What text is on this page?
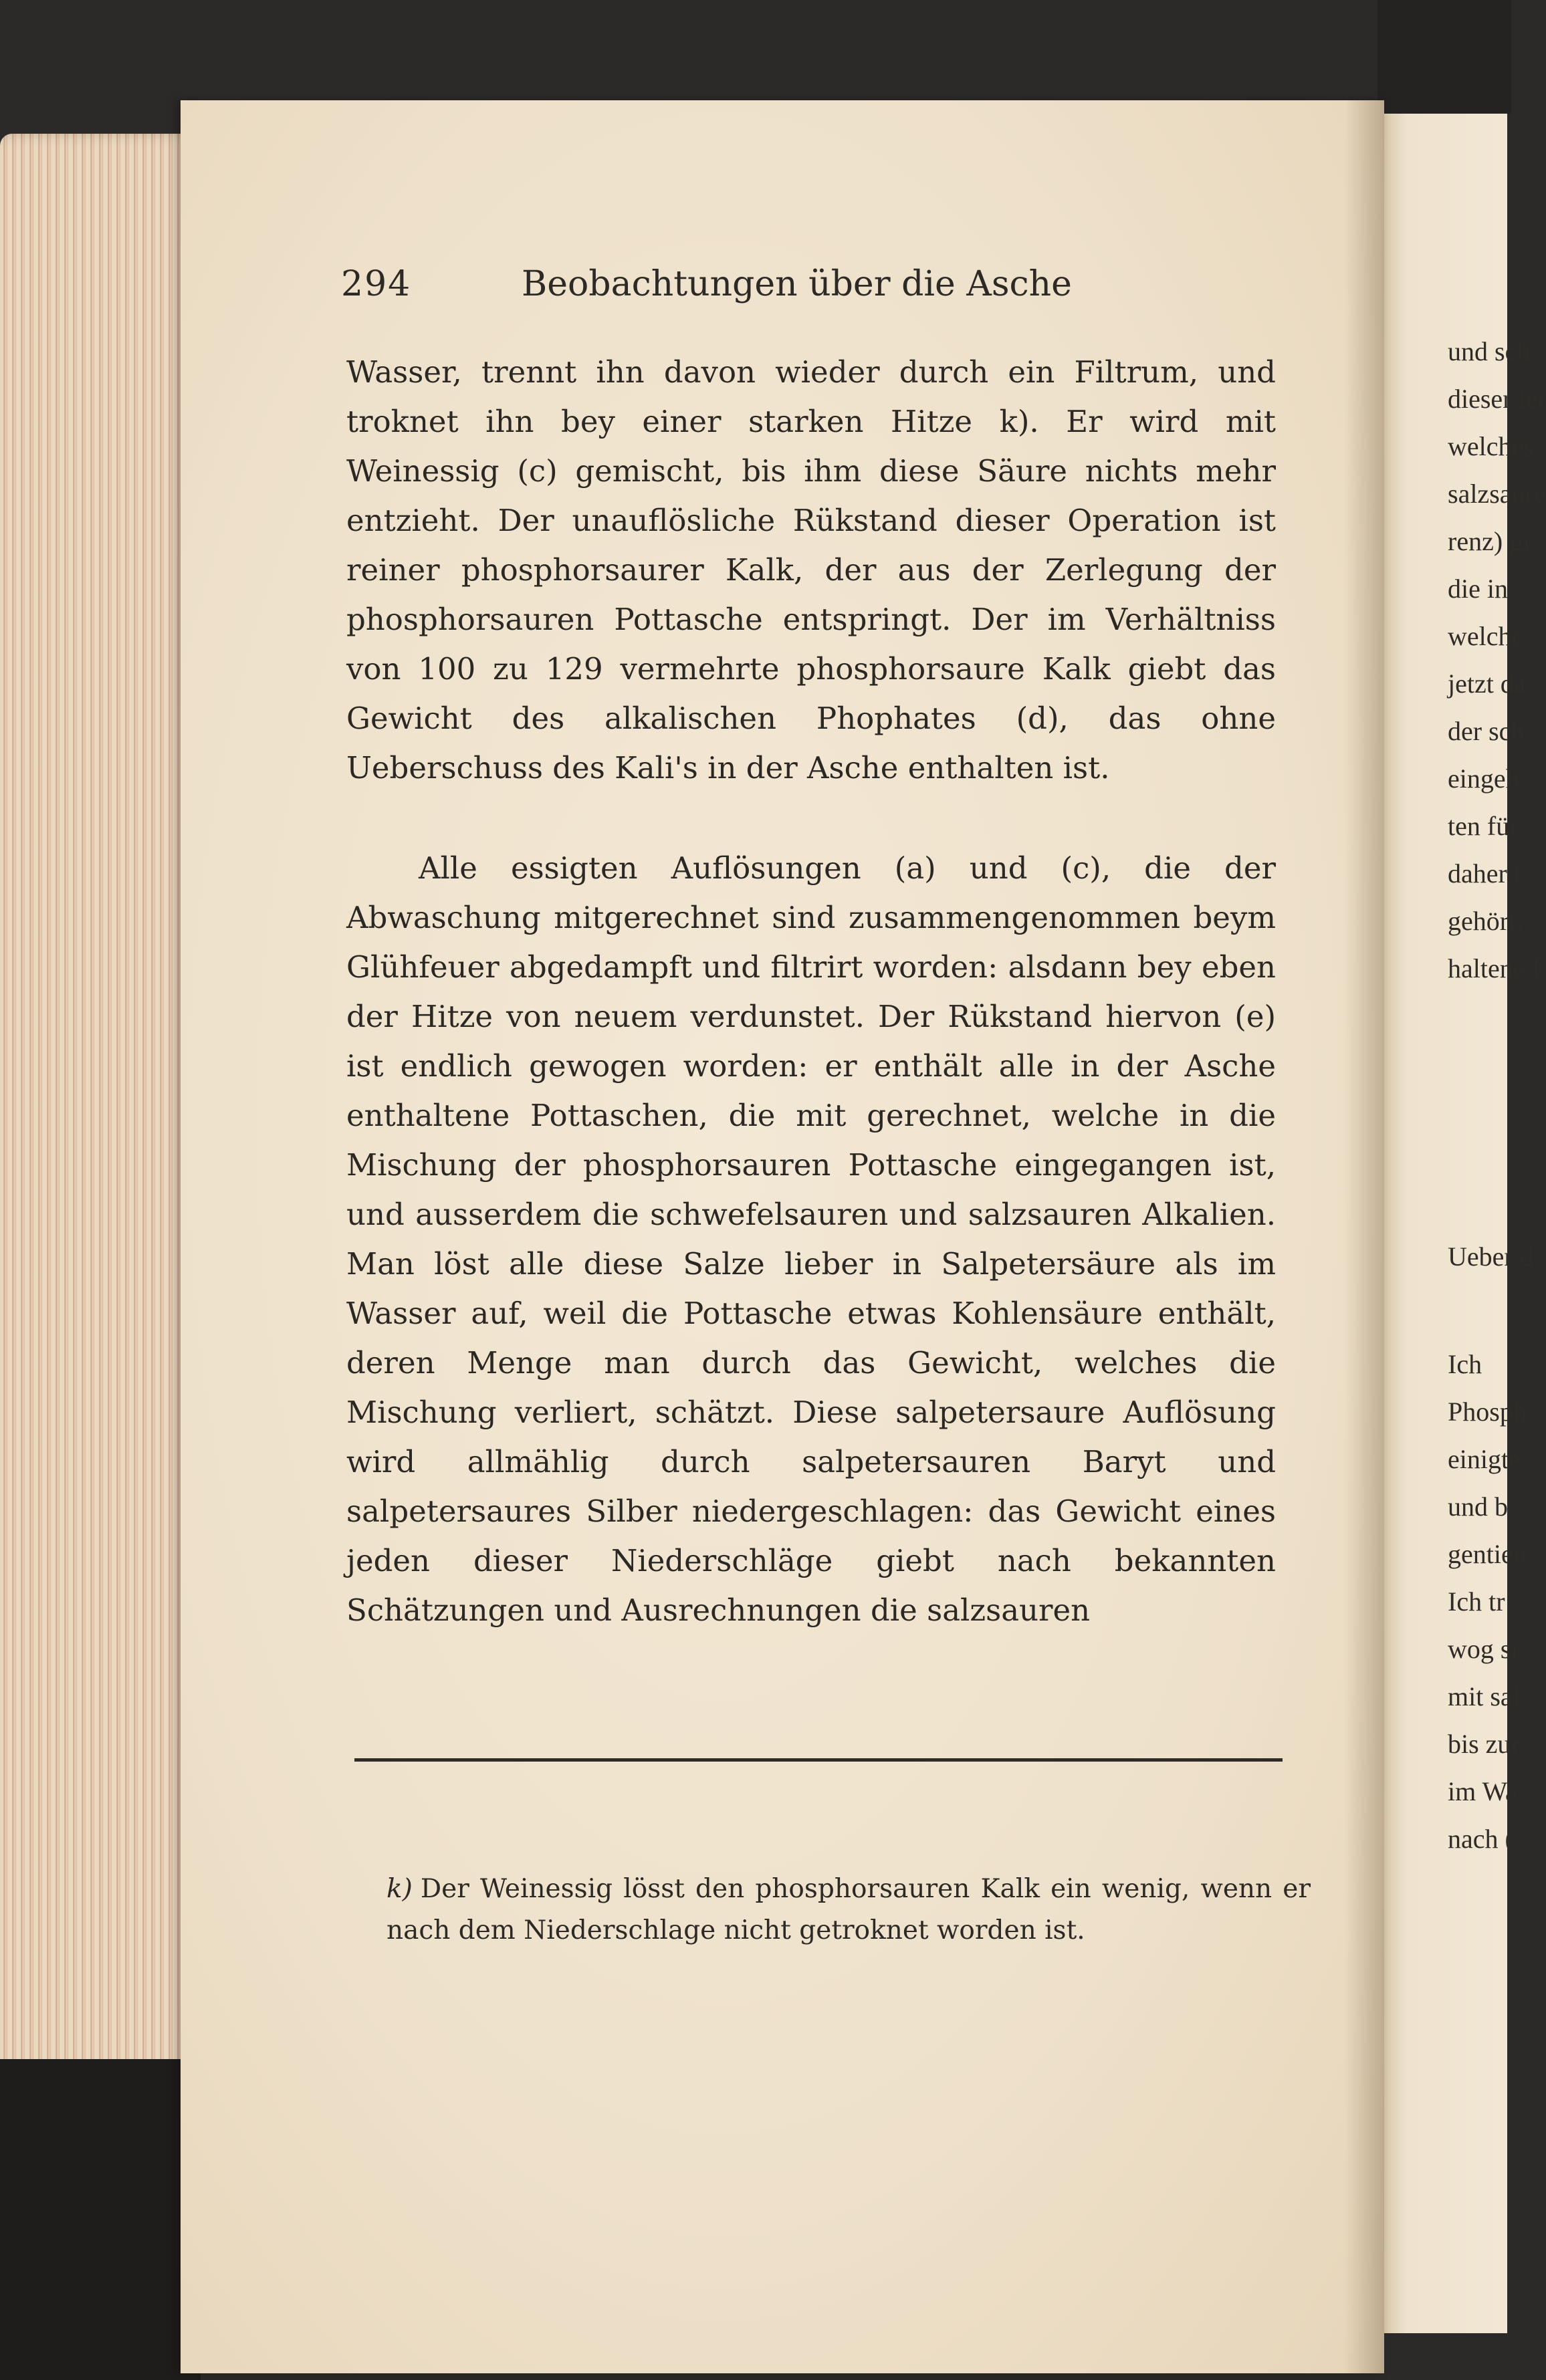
294	Beobachtungen über die Asche

Wasser, trennt ihn davon wieder durch ein Filtrum, und troknet ihn bey einer starken Hitze k). Er wird mit Weinessig (c) gemischt, bis ihm diese Säure nichts mehr entzieht. Der unauflösliche Rükstand dieser Operation ist reiner phosphorsaurer Kalk, der aus der Zerlegung der phosphorsauren Pottasche entspringt. Der im Verhältniss von 100 zu 129 vermehrte phosphorsaure Kalk giebt das Gewicht des alkalischen Phophates (d), das ohne Ueberschuss des Kali's in der Asche enthalten ist.

Alle essigten Auflösungen (a) und (c), die der Abwaschung mitgerechnet sind zusammengenommen beym Glühfeuer abgedampft und filtrirt worden: alsdann bey eben der Hitze von neuem verdunstet. Der Rükstand hiervon (e) ist endlich gewogen worden: er enthält alle in der Asche enthaltene Pottaschen, die mit gerechnet, welche in die Mischung der phosphorsauren Pottasche eingegangen ist, und ausserdem die schwefelsauren und salzsauren Alkalien. Man löst alle diese Salze lieber in Salpetersäure als im Wasser auf, weil die Pottasche etwas Kohlensäure enthält, deren Menge man durch das Gewicht, welches die Mischung verliert, schätzt. Diese salpetersaure Auflösung wird allmählig durch salpetersauren Baryt und salpetersaures Silber niedergeschlagen: das Gewicht eines jeden dieser Niederschläge giebt nach bekannten Schätzungen und Ausrechnungen die salzsauren

k) Der Weinessig lösst den phosphorsauren Kalk ein wenig, wenn er nach dem Niederschlage nicht getroknet worden ist.
und sch
dieser let
welches
salzsaure
renz) gi
die in
welche
jetzt da
der sch
eingeh
ten für
daher (
gehört;
haltene I
Ueber d
Ich
Phosph
einigte
und b
gentien
Ich tr
wog si
mit sal
bis zur
im Wa
nach (
